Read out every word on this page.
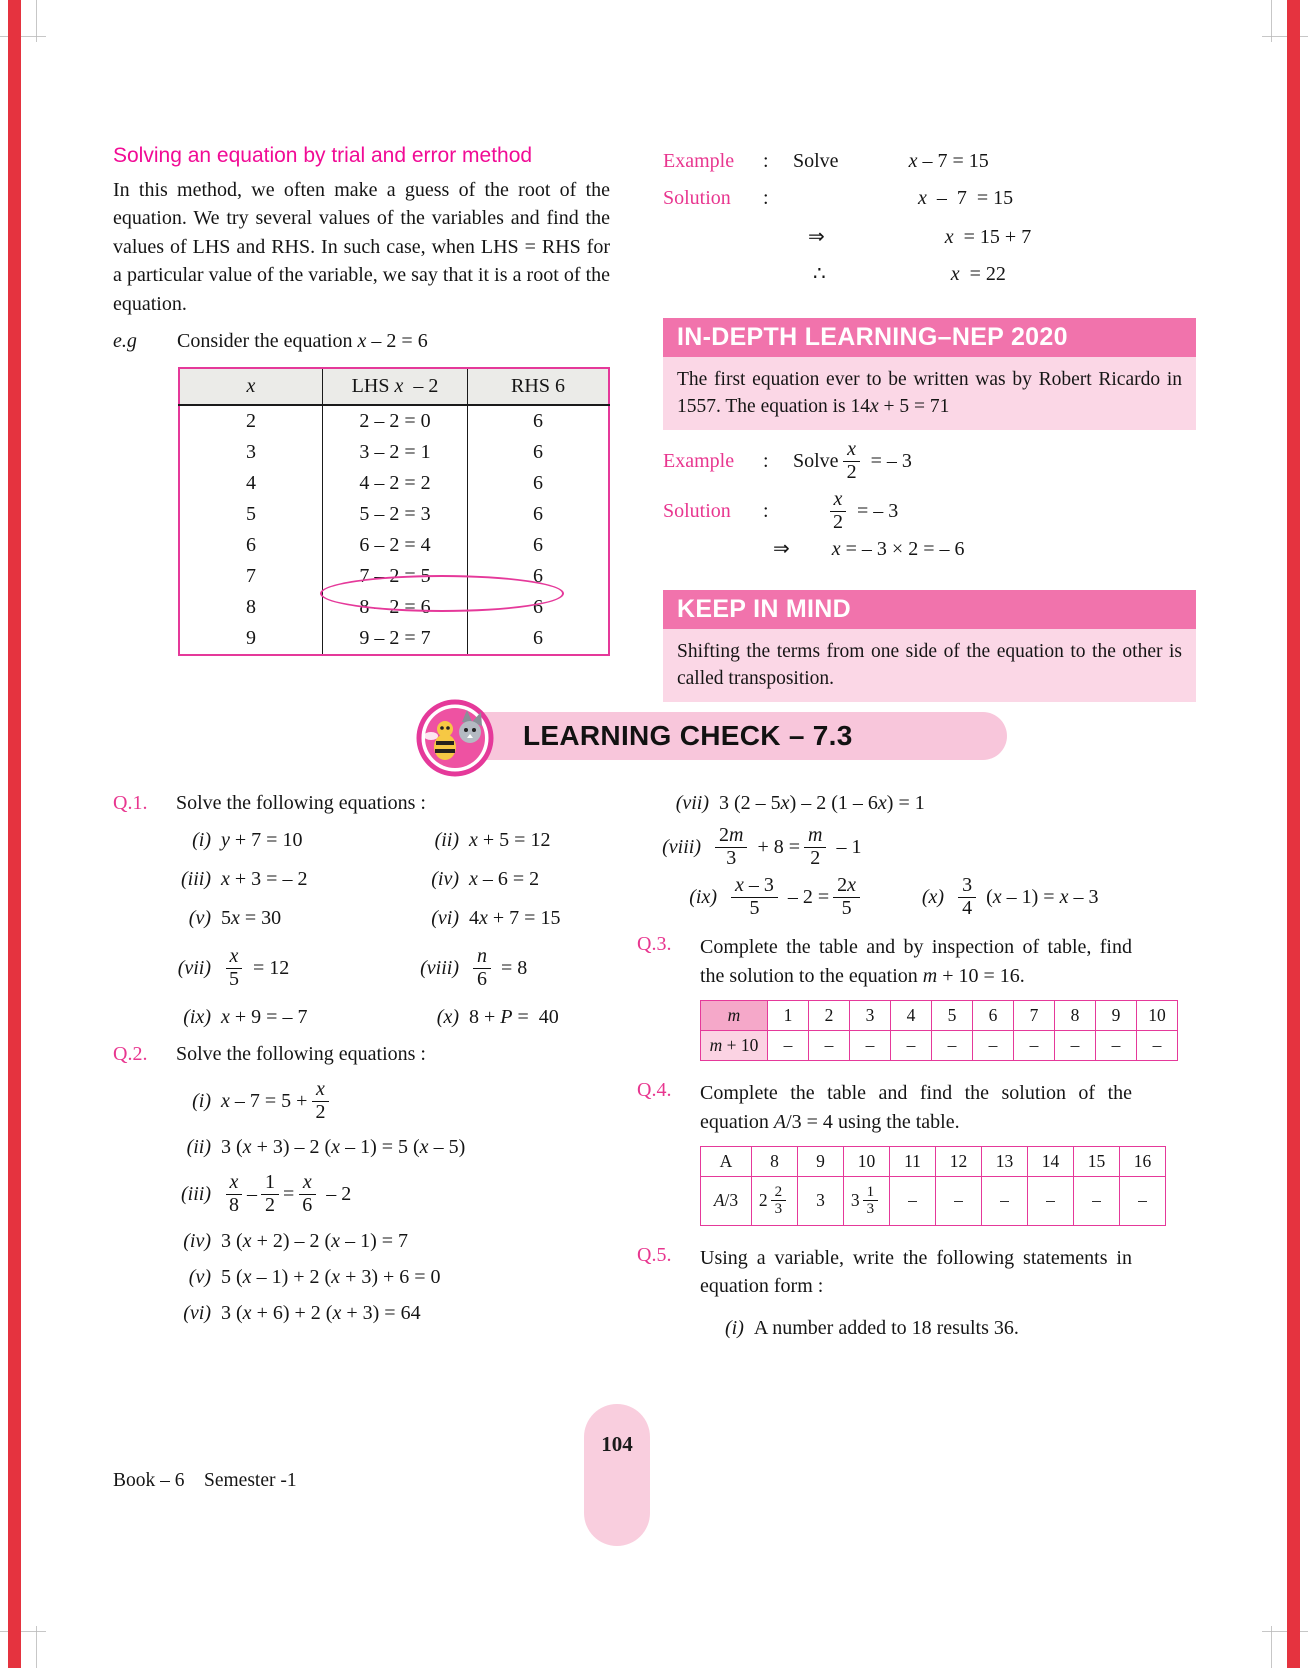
Solving an equation by trial and error method

In this method, we often make a guess of the root of the equation. We try several values of the variables and find the values of LHS and RHS. In such case, when LHS = RHS for a particular value of the variable, we say that it is a root of the equation.

e.g	Consider the equation x – 2 = 6
x	LHS x  – 2	RHS 6
2	2 – 2 = 0	6
3	3 – 2 = 1	6
4	4 – 2 = 2	6
5	5 – 2 = 3	6
6	6 – 2 = 4	6
7	7 – 2 = 5	6
8	8 – 2 = 6	6
9	9 – 2 = 7	6
Example	:	Solve	x – 7 = 15
Solution	:	x  –  7  = 15
⇒	x  = 15 + 7
∴	x  = 22
IN-DEPTH LEARNING–NEP 2020
The first equation ever to be written was by Robert Ricardo in 1557. The equation is 14x + 5 = 71
Example	:	Solve $\frac{x}{2}$ = – 3
Solution	:	$\frac{x}{2}$ = – 3
⇒ x = – 3 × 2 = – 6
KEEP IN MIND
Shifting the terms from one side of the equation to the other is called transposition.
LEARNING CHECK – 7.3
Q.1.	Solve the following equations :
(i) y + 7 = 10	(ii) x + 5 = 12
(iii) x + 3 = – 2	(iv) x – 6 = 2
(v) 5x = 30	(vi) 4x + 7 = 15
$(vii) \frac{x}{5} = 12$	(viii) $\frac{n}{6} = 8$
(ix) x + 9 = – 7	(x) 8 + P =  40
Q.2.	Solve the following equations :
(i) $x - 7 = 5 + \frac{x}{2}$
(ii) 3 (x + 3) – 2 (x – 1) = 5 (x – 5)
$(iii) \frac{x}{8} - \frac{1}{2} = \frac{x}{6} - 2$
(iv) 3 (x + 2) – 2 (x – 1) = 7
(v) 5 (x – 1) + 2 (x + 3) + 6 = 0
(vi) 3 (x + 6) + 2 (x + 3) = 64
(vii) 3 (2 – 5x) – 2 (1 – 6x) = 1
(viii) $\frac{2m}{3} + 8 = \frac{m}{2} - 1$
$(ix) \frac{x - 3}{5} - 2 = \frac{2x}{5}$	$(x) \frac{3}{4} (x - 1) = x - 3$
Q.3.	Complete the table and by inspection of table, find the solution to the equation m + 10 = 16.

m	1	2	3	4	5	6	7	8	9	10
m + 10	–	–	–	–	–	–	–	–	–	–
Q.4.	Complete the table and find the solution of the equation A/3 = 4 using the table.

A	8	9	10	11	12	13	14	15	16
A/3	$2 \frac{2}{3}$	3	$3 \frac{1}{3}$	–	–	–	–	–	–
Q.5.	Using a variable, write the following statements in equation form :

(i) A number added to 18 results 36.
Book – 6    Semester -1
104
